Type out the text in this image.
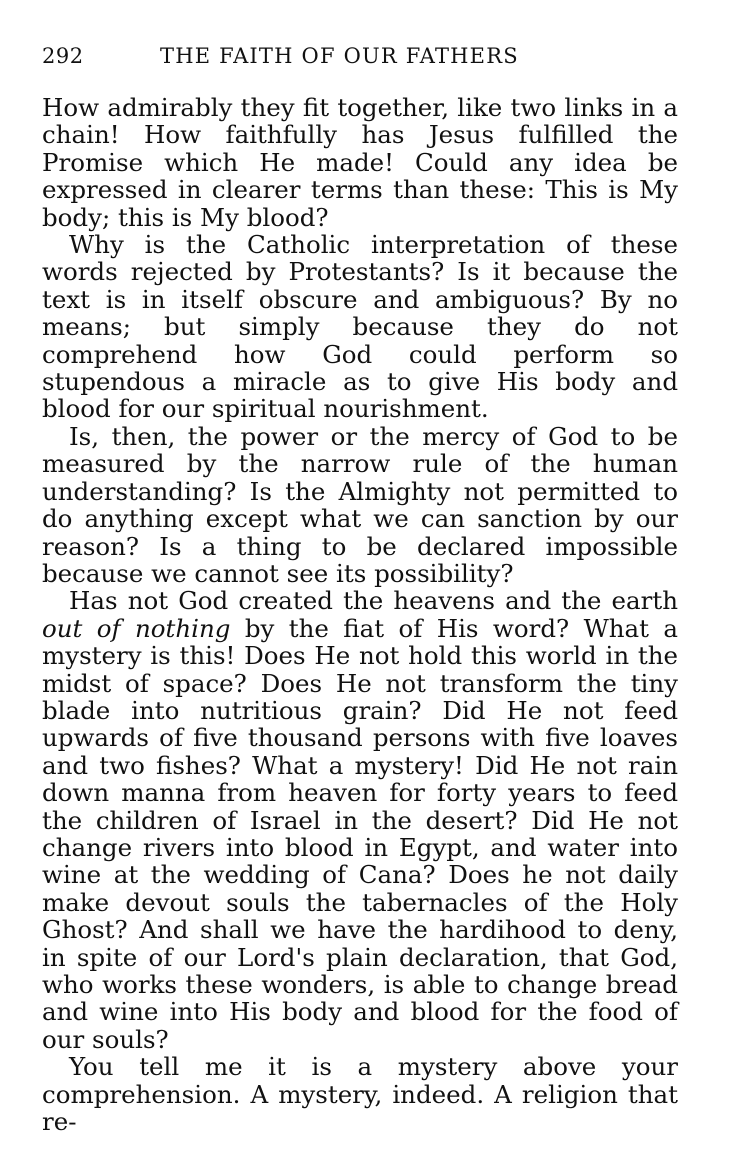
292	THE FAITH OF OUR FATHERS

How admirably they fit together, like two links in a chain! How faithfully has Jesus fulfilled the Promise which He made! Could any idea be expressed in clearer terms than these: This is My body; this is My blood?

Why is the Catholic interpretation of these words rejected by Protestants? Is it because the text is in itself obscure and ambiguous? By no means; but simply because they do not comprehend how God could perform so stupendous a miracle as to give His body and blood for our spiritual nourishment.

Is, then, the power or the mercy of God to be measured by the narrow rule of the human understanding? Is the Almighty not permitted to do anything except what we can sanction by our reason? Is a thing to be declared impossible because we cannot see its possibility?

Has not God created the heavens and the earth out of nothing by the fiat of His word? What a mystery is this! Does He not hold this world in the midst of space? Does He not transform the tiny blade into nutritious grain? Did He not feed upwards of five thousand persons with five loaves and two fishes? What a mystery! Did He not rain down manna from heaven for forty years to feed the children of Israel in the desert? Did He not change rivers into blood in Egypt, and water into wine at the wedding of Cana? Does he not daily make devout souls the tabernacles of the Holy Ghost? And shall we have the hardihood to deny, in spite of our Lord's plain declaration, that God, who works these wonders, is able to change bread and wine into His body and blood for the food of our souls?

You tell me it is a mystery above your comprehension. A mystery, indeed. A religion that re-
